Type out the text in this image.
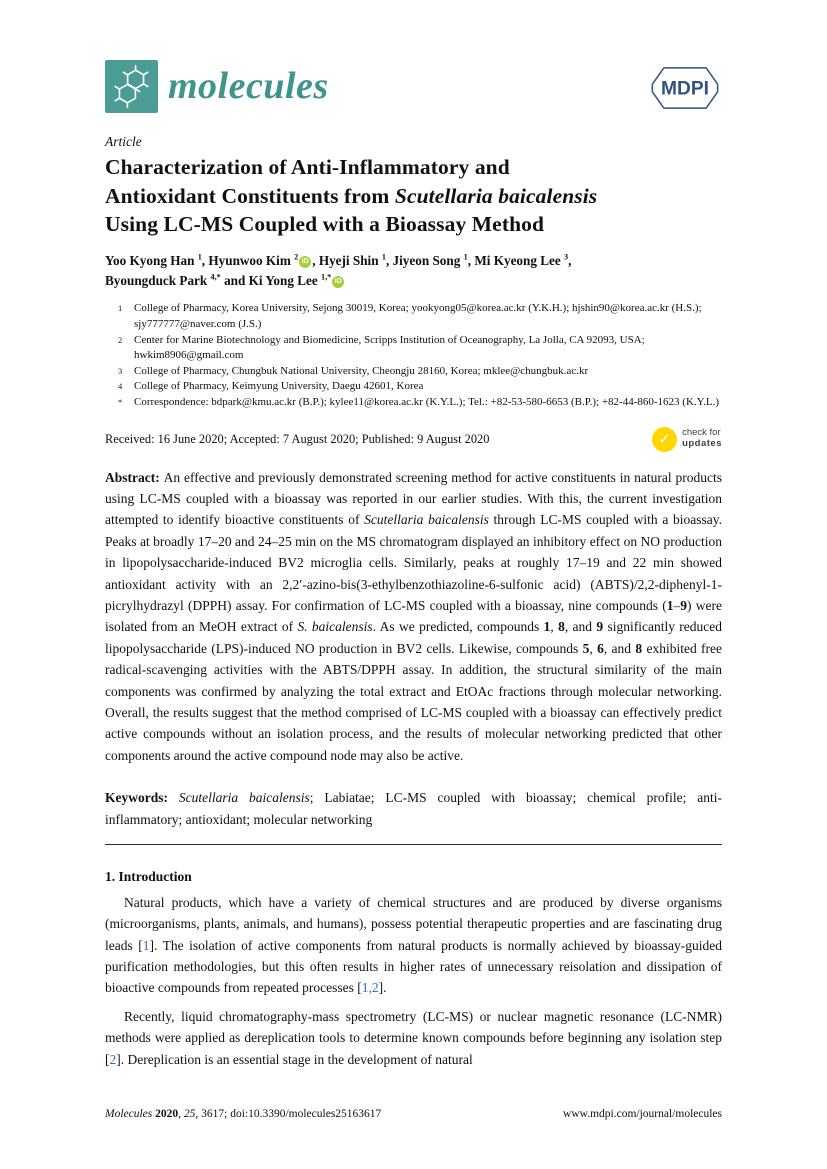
molecules	MDPI
Article
Characterization of Anti-Inflammatory and
Antioxidant Constituents from Scutellaria baicalensis
Using LC-MS Coupled with a Bioassay Method
Yoo Kyong Han $^1$, Hyunwoo Kim $^2$ iD , Hyeji Shin $^1$, Jiyeon Song $^1$, Mi Kyeong Lee $^3$,
Byoungduck Park $^{4,*}$ and Ki Yong Lee $^{1,*}$ iD
1	College of Pharmacy, Korea University, Sejong 30019, Korea; yookyong05@korea.ac.kr (Y.K.H.); hjshin90@korea.ac.kr (H.S.); sjy777777@naver.com (J.S.)
2	Center for Marine Biotechnology and Biomedicine, Scripps Institution of Oceanography, La Jolla, CA 92093, USA; hwkim8906@gmail.com
3	College of Pharmacy, Chungbuk National University, Cheongju 28160, Korea; mklee@chungbuk.ac.kr
4	College of Pharmacy, Keimyung University, Daegu 42601, Korea
*	Correspondence: bdpark@kmu.ac.kr (B.P.); kylee11@korea.ac.kr (K.Y.L.); Tel.: +82-53-580-6653 (B.P.); +82-44-860-1623 (K.Y.L.)
Received: 16 June 2020; Accepted: 7 August 2020; Published: 9 August 2020	✓	check for
updates

Abstract: An effective and previously demonstrated screening method for active constituents in natural products using LC-MS coupled with a bioassay was reported in our earlier studies. With this, the current investigation attempted to identify bioactive constituents of Scutellaria baicalensis through LC-MS coupled with a bioassay. Peaks at broadly 17–20 and 24–25 min on the MS chromatogram displayed an inhibitory effect on NO production in lipopolysaccharide-induced BV2 microglia cells. Similarly, peaks at roughly 17–19 and 22 min showed antioxidant activity with an 2,2′-azino-bis(3-ethylbenzothiazoline-6-sulfonic acid) (ABTS)/2,2-diphenyl-1- picrylhydrazyl (DPPH) assay. For confirmation of LC-MS coupled with a bioassay, nine compounds (1–9) were isolated from an MeOH extract of S. baicalensis. As we predicted, compounds 1, 8, and 9 significantly reduced lipopolysaccharide (LPS)-induced NO production in BV2 cells. Likewise, compounds 5, 6, and 8 exhibited free radical-scavenging activities with the ABTS/DPPH assay. In addition, the structural similarity of the main components was confirmed by analyzing the total extract and EtOAc fractions through molecular networking. Overall, the results suggest that the method comprised of LC-MS coupled with a bioassay can effectively predict active compounds without an isolation process, and the results of molecular networking predicted that other components around the active compound node may also be active.

Keywords: Scutellaria baicalensis; Labiatae; LC-MS coupled with bioassay; chemical profile; anti-inflammatory; antioxidant; molecular networking

1. Introduction

Natural products, which have a variety of chemical structures and are produced by diverse organisms (microorganisms, plants, animals, and humans), possess potential therapeutic properties and are fascinating drug leads [1]. The isolation of active components from natural products is normally achieved by bioassay-guided purification methodologies, but this often results in higher rates of unnecessary reisolation and dissipation of bioactive compounds from repeated processes [1,2].

Recently, liquid chromatography-mass spectrometry (LC-MS) or nuclear magnetic resonance (LC-NMR) methods were applied as dereplication tools to determine known compounds before beginning any isolation step [2]. Dereplication is an essential stage in the development of natural

Molecules 2020, 25, 3617; doi:10.3390/molecules25163617	www.mdpi.com/journal/molecules
